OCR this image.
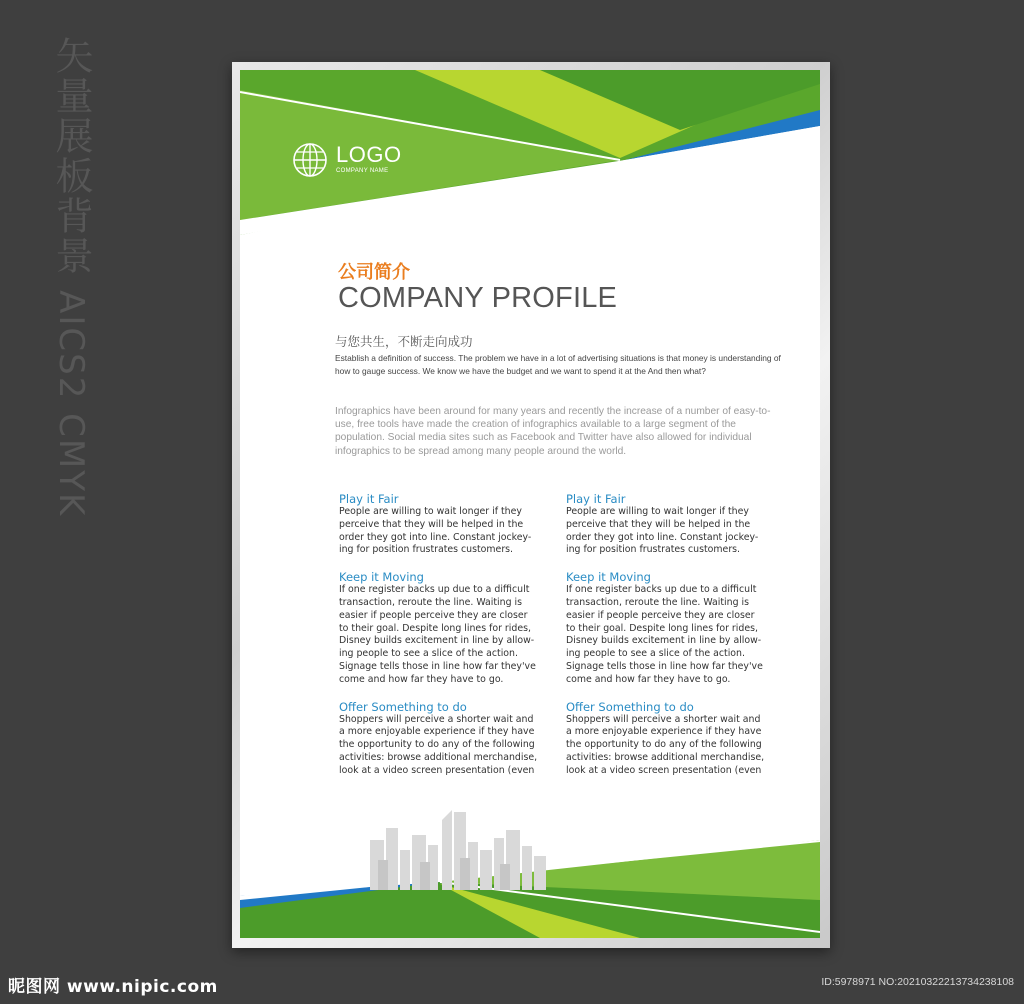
矢量展板背景 AICS2 CMYK
LOGO
COMPANY NAME
公司简介
COMPANY PROFILE
与您共生，不断走向成功

Establish a definition of success. The problem we have in a lot of advertising situations is that money is understanding of how to gauge success. We know we have the budget and we want to spend it at the And then what?

Infographics have been around for many years and recently the increase of a number of easy-to-use, free tools have made the creation of infographics available to a large segment of the population. Social media sites such as Facebook and Twitter have also allowed for individual infographics to be spread among many people around the world.

Play it Fair

People are willing to wait longer if they
perceive that they will be helped in the
order they got into line. Constant jockey-
ing for position frustrates customers.

Keep it Moving

If one register backs up due to a difficult
transaction, reroute the line. Waiting is
easier if people perceive they are closer
to their goal. Despite long lines for rides,
Disney builds excitement in line by allow-
ing people to see a slice of the action.
Signage tells those in line how far they've
come and how far they have to go.

Offer Something to do

Shoppers will perceive a shorter wait and
a more enjoyable experience if they have
the opportunity to do any of the following
activities: browse additional merchandise,
look at a video screen presentation (even

Play it Fair

People are willing to wait longer if they
perceive that they will be helped in the
order they got into line. Constant jockey-
ing for position frustrates customers.

Keep it Moving

If one register backs up due to a difficult
transaction, reroute the line. Waiting is
easier if people perceive they are closer
to their goal. Despite long lines for rides,
Disney builds excitement in line by allow-
ing people to see a slice of the action.
Signage tells those in line how far they've
come and how far they have to go.

Offer Something to do

Shoppers will perceive a shorter wait and
a more enjoyable experience if they have
the opportunity to do any of the following
activities: browse additional merchandise,
look at a video screen presentation (even

昵图网 www.nipic.com	ID:5978971 NO:20210322213734238108
